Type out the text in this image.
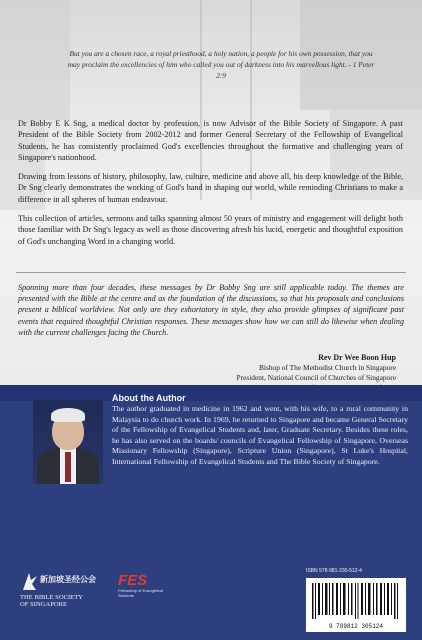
But you are a chosen race, a royal priesthood, a holy nation, a people for his own possession, that you may proclaim the excellencies of him who called you out of darkness into his marvellous light. - 1 Peter 2:9

Dr Bobby E K Sng, a medical doctor by profession, is now Advisor of the Bible Society of Singapore. A past President of the Bible Society from 2002-2012 and former General Secretary of the Fellowship of Evangelical Students, he has consistently proclaimed God's excellencies throughout the formative and challenging years of Singapore's nationhood.

Drawing from lessons of history, philosophy, law, culture, medicine and above all, his deep knowledge of the Bible, Dr Sng clearly demonstrates the working of God's hand in shaping our world, while reminding Christians to make a difference in all spheres of human endeavour.

This collection of articles, sermons and talks spanning almost 50 years of ministry and engagement will delight both those familiar with Dr Sng's legacy as well as those discovering afresh his lucid, energetic and thoughtful exposition of God's unchanging Word in a changing world.

Spanning more than four decades, these messages by Dr Bobby Sng are still applicable today. The themes are presented with the Bible at the centre and as the foundation of the discussions, so that his proposals and conclusions present a biblical worldview. Not only are they exhortatory in style, they also provide glimpses of significant past events that required thoughtful Christian responses. These messages show how we can still do likewise when dealing with the current challenges facing the Church.
Rev Dr Wee Boon Hup
Bishop of The Methodist Church in Singapore
President, National Council of Churches of Singapore
About the Author
The author graduated in medicine in 1962 and went, with his wife, to a rural community in Malaysia to do church work. In 1969, he returned to Singapore and became General Secretary of the Fellowship of Evangelical Students and, later, Graduate Secretary. Besides these roles, he has also served on the boards/ councils of Evangelical Fellowship of Singapore, Overseas Missionary Fellowship (Singapore), Scripture Union (Singapore), St Luke's Hospital, International Fellowship of Evangelical Students and The Bible Society of Singapore.
新加坡圣经公会
THE BIBLE SOCIETY
OF SINGAPORE
FES
Fellowship of Evangelical Students
ISBN 978-981-230-512-4
9 789812 305124
